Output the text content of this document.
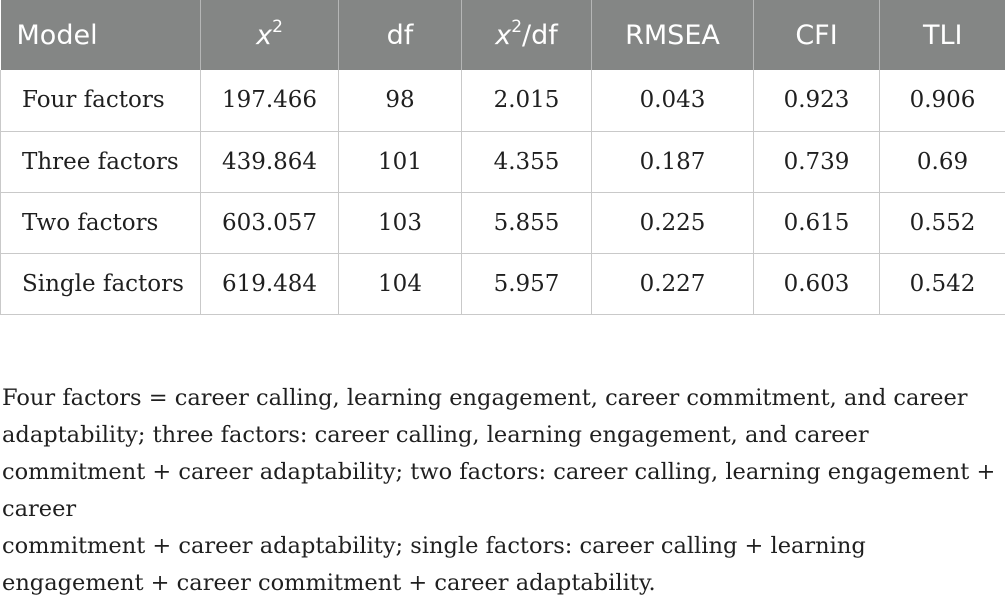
Model	$x^2$	df	$x^2/df$	RMSEA	CFI	TLI
Four factors	197.466	98	2.015	0.043	0.923	0.906
Three factors	439.864	101	4.355	0.187	0.739	0.69
Two factors	603.057	103	5.855	0.225	0.615	0.552
Single factors	619.484	104	5.957	0.227	0.603	0.542

Four factors = career calling, learning engagement, career commitment, and career
adaptability; three factors: career calling, learning engagement, and career
commitment + career adaptability; two factors: career calling, learning engagement + career
commitment + career adaptability; single factors: career calling + learning
engagement + career commitment + career adaptability.
